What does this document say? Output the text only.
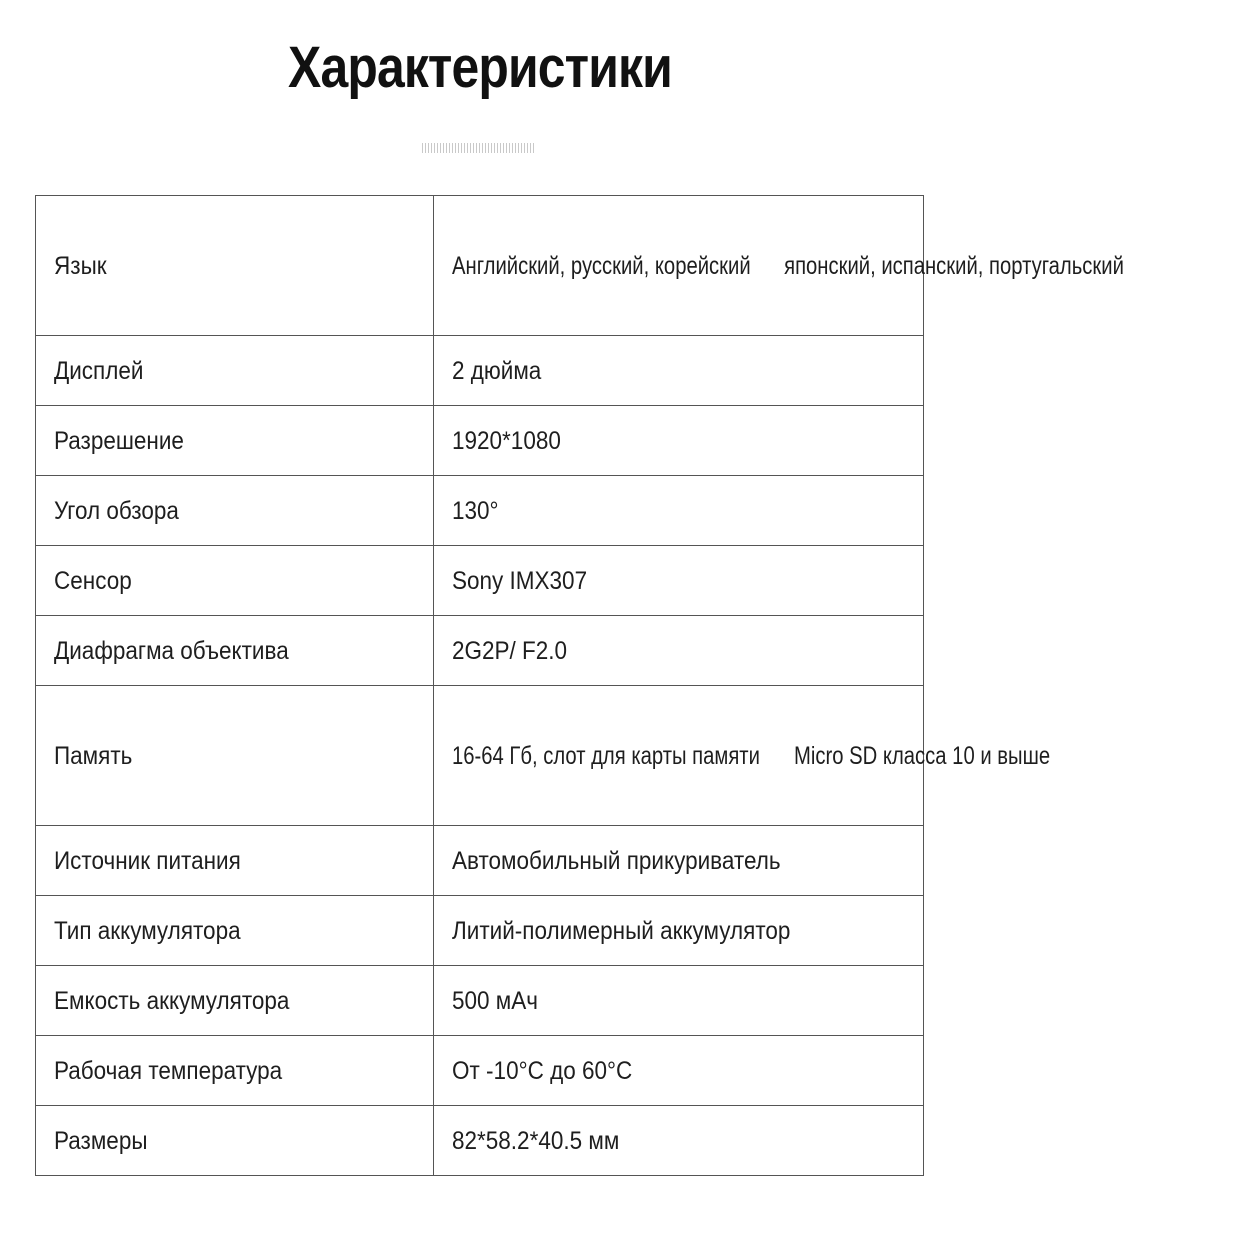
Характеристики
Язык	Английский, русский, корейский японский, испанский, португальский
Дисплей	2 дюйма
Разрешение	1920*1080
Угол обзора	130°
Сенсор	Sony IMX307
Диафрагма объектива	2G2P/ F2.0
Память	16-64 Гб, слот для карты памяти Micro SD класса 10 и выше
Источник питания	Автомобильный прикуриватель
Тип аккумулятора	Литий-полимерный аккумулятор
Емкость аккумулятора	500 мАч
Рабочая температура	От -10°C до 60°C
Размеры	82*58.2*40.5 мм
